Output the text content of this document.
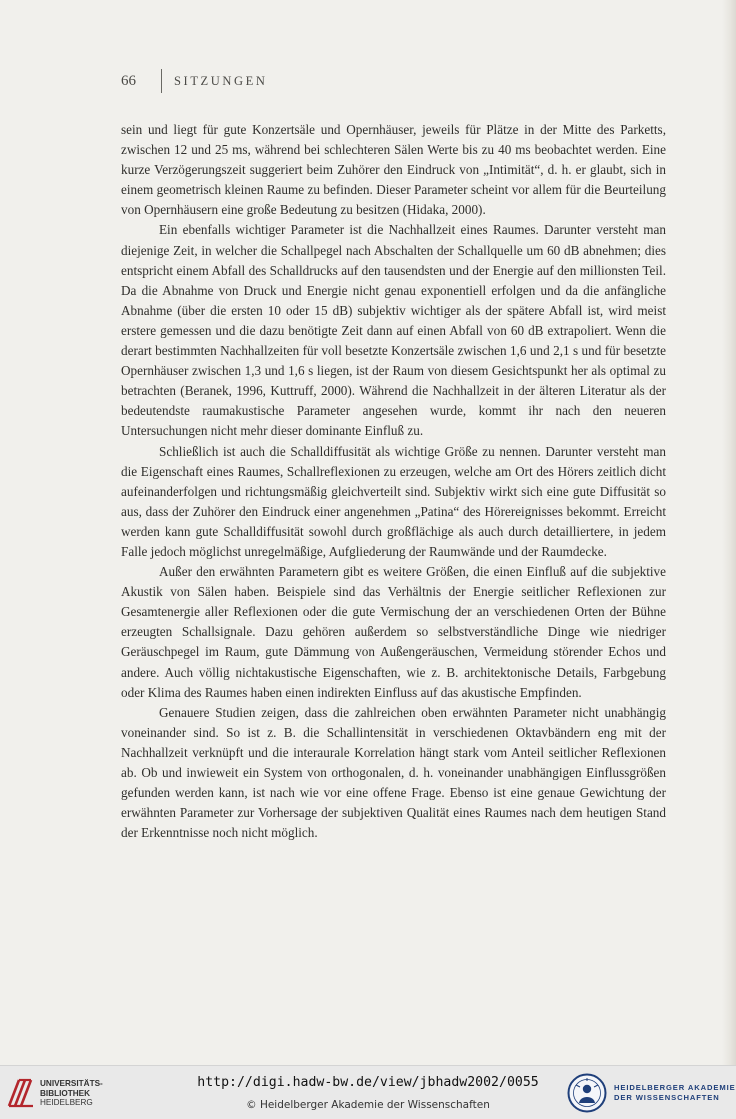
66	SITZUNGEN

sein und liegt für gute Konzertsäle und Opernhäuser, jeweils für Plätze in der Mitte des Parketts, zwischen 12 und 25 ms, während bei schlechteren Sälen Werte bis zu 40 ms beobachtet werden. Eine kurze Verzögerungszeit suggeriert beim Zuhörer den Eindruck von „Intimität“, d. h. er glaubt, sich in einem geometrisch kleinen Raume zu befinden. Dieser Parameter scheint vor allem für die Beurteilung von Opernhäusern eine große Bedeutung zu besitzen (Hidaka, 2000).

Ein ebenfalls wichtiger Parameter ist die Nachhallzeit eines Raumes. Darunter versteht man diejenige Zeit, in welcher die Schallpegel nach Abschalten der Schallquelle um 60 dB abnehmen; dies entspricht einem Abfall des Schalldrucks auf den tausendsten und der Energie auf den millionsten Teil. Da die Abnahme von Druck und Energie nicht genau exponentiell erfolgen und da die anfängliche Abnahme (über die ersten 10 oder 15 dB) subjektiv wichtiger als der spätere Abfall ist, wird meist erstere gemessen und die dazu benötigte Zeit dann auf einen Abfall von 60 dB extrapoliert. Wenn die derart bestimmten Nachhallzeiten für voll besetzte Konzertsäle zwischen 1,6 und 2,1 s und für besetzte Opernhäuser zwischen 1,3 und 1,6 s liegen, ist der Raum von diesem Gesichtspunkt her als optimal zu betrachten (Beranek, 1996, Kuttruff, 2000). Während die Nachhallzeit in der älteren Literatur als der bedeutendste raumakustische Parameter angesehen wurde, kommt ihr nach den neueren Untersuchungen nicht mehr dieser dominante Einfluß zu.

Schließlich ist auch die Schalldiffusität als wichtige Größe zu nennen. Darunter versteht man die Eigenschaft eines Raumes, Schallreflexionen zu erzeugen, welche am Ort des Hörers zeitlich dicht aufeinanderfolgen und richtungsmäßig gleichverteilt sind. Subjektiv wirkt sich eine gute Diffusität so aus, dass der Zuhörer den Eindruck einer angenehmen „Patina“ des Hörereignisses bekommt. Erreicht werden kann gute Schalldiffusität sowohl durch großflächige als auch durch detailliertere, in jedem Falle jedoch möglichst unregelmäßige, Aufgliederung der Raumwände und der Raumdecke.

Außer den erwähnten Parametern gibt es weitere Größen, die einen Einfluß auf die subjektive Akustik von Sälen haben. Beispiele sind das Verhältnis der Energie seitlicher Reflexionen zur Gesamtenergie aller Reflexionen oder die gute Vermischung der an verschiedenen Orten der Bühne erzeugten Schallsignale. Dazu gehören außerdem so selbstverständliche Dinge wie niedriger Geräuschpegel im Raum, gute Dämmung von Außengeräuschen, Vermeidung störender Echos und andere. Auch völlig nichtakustische Eigenschaften, wie z. B. architektonische Details, Farbgebung oder Klima des Raumes haben einen indirekten Einfluss auf das akustische Empfinden.

Genauere Studien zeigen, dass die zahlreichen oben erwähnten Parameter nicht unabhängig voneinander sind. So ist z. B. die Schallintensität in verschiedenen Oktavbändern eng mit der Nachhallzeit verknüpft und die interaurale Korrelation hängt stark vom Anteil seitlicher Reflexionen ab. Ob und inwieweit ein System von orthogonalen, d. h. voneinander unabhängigen Einflussgrößen gefunden werden kann, ist nach wie vor eine offene Frage. Ebenso ist eine genaue Gewichtung der erwähnten Parameter zur Vorhersage der subjektiven Qualität eines Raumes nach dem heutigen Stand der Erkenntnisse noch nicht möglich.

UNIVERSITÄTS-
BIBLIOTHEK
HEIDELBERG
http://digi.hadw-bw.de/view/jbhadw2002/0055
© Heidelberger Akademie der Wissenschaften
HEIDELBERGER AKADEMIE
DER WISSENSCHAFTEN
